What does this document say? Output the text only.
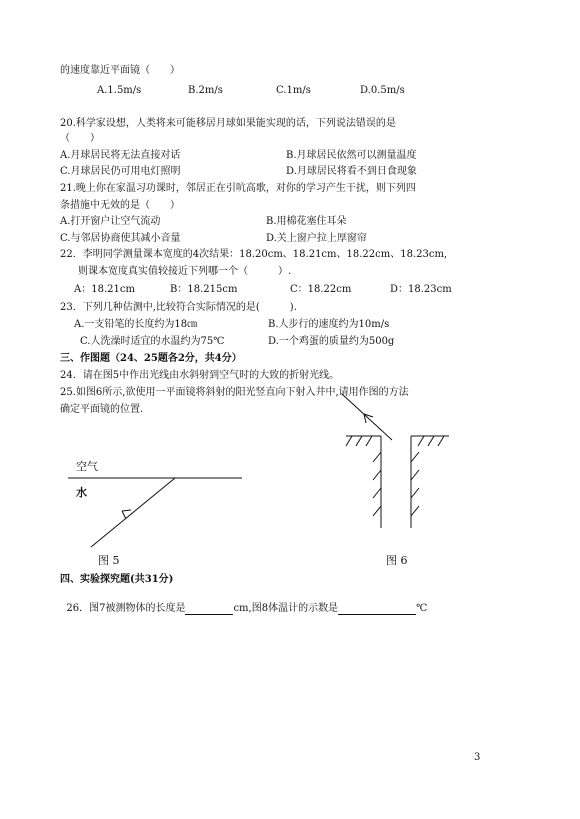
的速度靠近平面镜（　　）
A.1.5m/s	B.2m/s	C.1m/s	D.0.5m/s
20.科学家设想，人类将来可能移居月球如果能实现的话，下列说法错误的是
（　　）
A.月球居民将无法直接对话	B.月球居民依然可以测量温度
C.月球居民仍可用电灯照明	D.月球居民将看不到日食现象
21.晚上你在家温习功课时，邻居正在引吭高歌，对你的学习产生干扰，则下列四
条措施中无效的是（　　）
A.打开窗户让空气流动	B.用棉花塞住耳朵
C.与邻居协商使其减小音量	D.关上窗户拉上厚窗帘
22．李明同学测量课本宽度的4次结果：18.20cm、18.21cm、18.22cm、18.23cm,
则课本宽度真实值较接近下列哪一个（　　　）.
A：18.21cm	B：18.215cm	C：18.22cm	D：18.23cm
23．下列几种估测中,比较符合实际情况的是(　　　).
A.一支铅笔的长度约为18㎝	B.人步行的速度约为10m/s
C.人洗澡时适宜的水温约为75℃	D.一个鸡蛋的质量约为500g
三、作图题（24、25题各2分，共4分）
24．请在图5中作出光线由水斜射到空气时的大致的折射光线。
25.如图6所示,欲使用一平面镜将斜射的阳光竖直向下射入井中,请用作图的方法
确定平面镜的位置.
空气
水
图 5	图 6
四、实验探究题(共31分)

26．图7被测物体的长度是	cm,图8体温计的示数是	℃

3
